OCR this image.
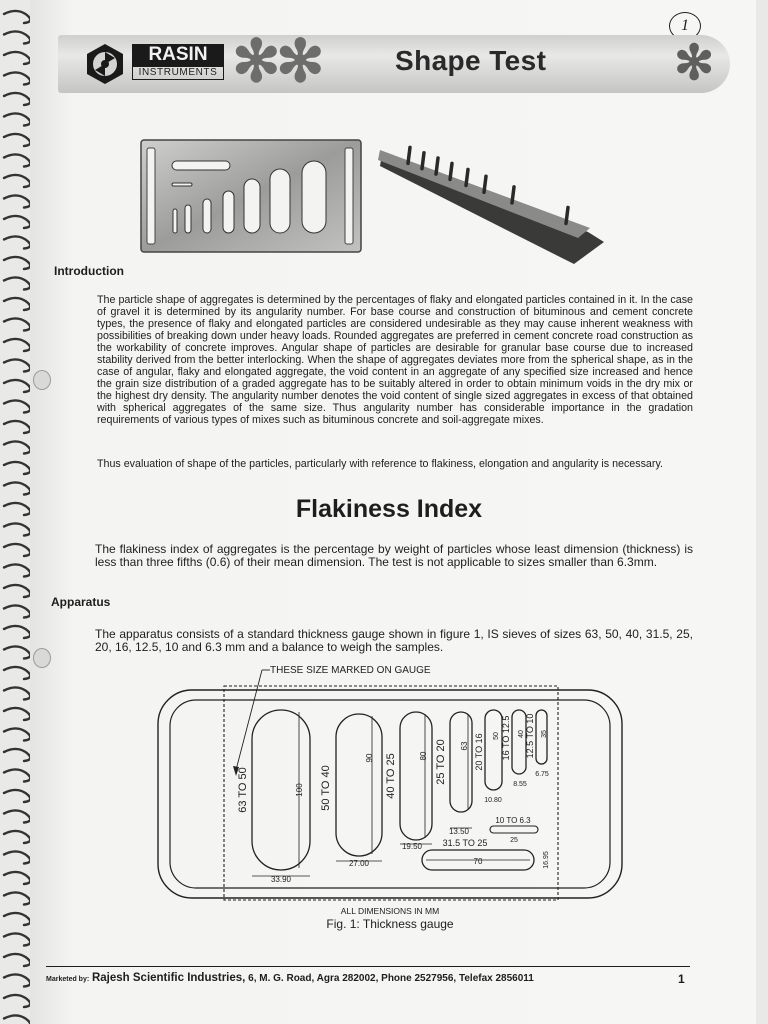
1
RASIN
INSTRUMENTS ✻
✻	Shape Test	✻
Introduction
The particle shape of aggregates is determined by the percentages of flaky and elongated particles contained in it. In the case of gravel it is determined by its angularity number. For base course and construction of bituminous and cement concrete types, the presence of flaky and elongated particles are considered undesirable as they may cause inherent weakness with possibilities of breaking down under heavy loads. Rounded aggregates are preferred in cement concrete road construction as the workability of concrete improves. Angular shape of particles are desirable for granular base course due to increased stability derived from the better interlocking. When the shape of aggregates deviates more from the spherical shape, as in the case of angular, flaky and elongated aggregate, the void content in an aggregate of any specified size increased and hence the grain size distribution of a graded aggregate has to be suitably altered in order to obtain minimum voids in the dry mix or the highest dry density. The angularity number denotes the void content of single sized aggregates in excess of that obtained with spherical aggregates of the same size. Thus angularity number has considerable importance in the gradation requirements of various types of mixes such as bituminous concrete and soil-aggregate mixes.
Thus evaluation of shape of the particles, particularly with reference to flakiness, elongation and angularity is necessary.
Flakiness Index
The flakiness index of aggregates is the percentage by weight of particles whose least dimension (thickness) is less than three fifths (0.6) of their mean dimension. The test is not applicable to sizes smaller than 6.3mm.
Apparatus
The apparatus consists of a standard thickness gauge shown in figure 1, IS sieves of sizes 63, 50, 40, 31.5, 25, 20, 16, 12.5, 10 and 6.3 mm and a balance to weigh the samples.
THESE SIZE MARKED ON GAUGE
63 TO 50	100
33.90
50 TO 40
90
27.00
40 TO 25	80
19.50
25 TO 20 63
13.50
20 TO 16 50
10.80
16 TO 12.5 40
8.55
12.5 TO 10 35
6.75
10 TO 6.3
25
31.5 TO 25
70	16.95
ALL DIMENSIONS IN MM
Fig. 1: Thickness gauge
Marketed by: Rajesh Scientific Industries, 6, M. G. Road, Agra 282002, Phone 2527956, Telefax 2856011	1
